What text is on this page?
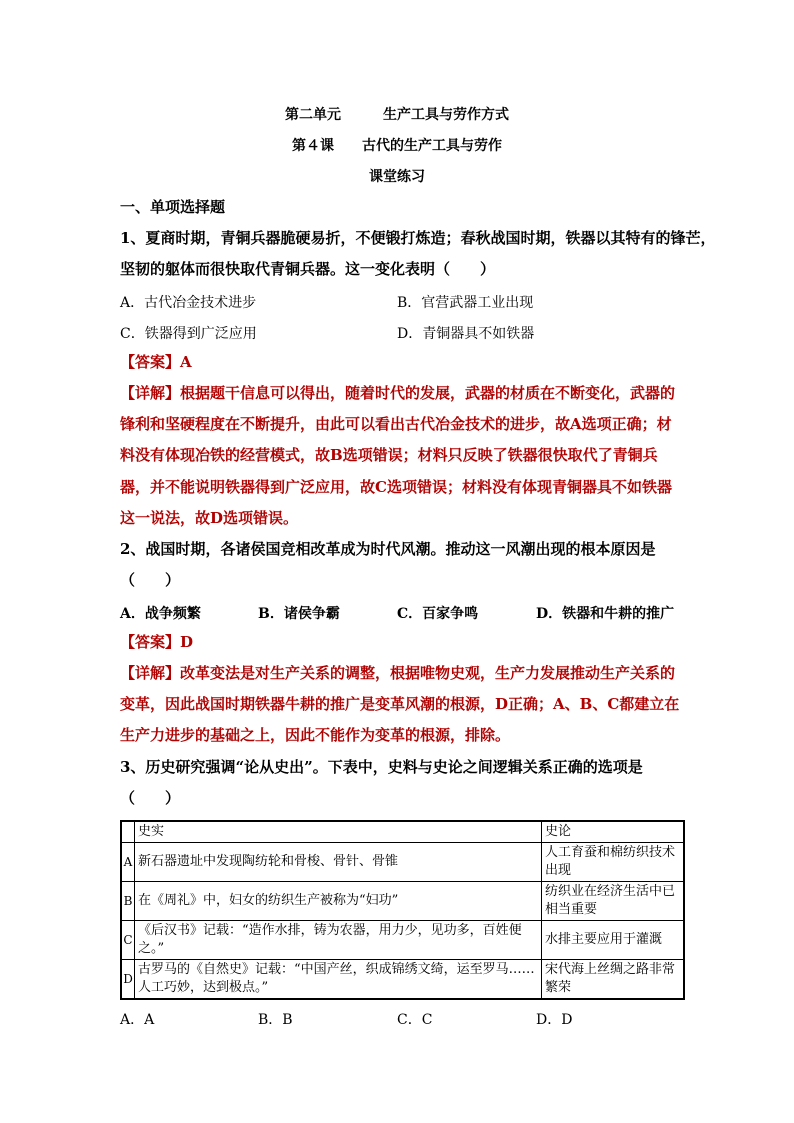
第二单元　　　生产工具与劳作方式
第４课　　古代的生产工具与劳作
课堂练习
一、单项选择题
1、夏商时期，青铜兵器脆硬易折，不便锻打炼造；春秋战国时期，铁器以其特有的锋芒，
坚韧的躯体而很快取代青铜兵器。这一变化表明（　　）
A．古代冶金技术进步	B．官营武器工业出现
C．铁器得到广泛应用	D．青铜器具不如铁器
【答案】A
【详解】根据题干信息可以得出，随着时代的发展，武器的材质在不断变化，武器的锋利和坚硬程度在不断提升，由此可以看出古代冶金技术的进步，故A选项正确；材料没有体现冶铁的经营模式，故B选项错误；材料只反映了铁器很快取代了青铜兵器，并不能说明铁器得到广泛应用，故C选项错误；材料没有体现青铜器具不如铁器这一说法，故D选项错误。
2、战国时期，各诸侯国竞相改革成为时代风潮。推动这一风潮出现的根本原因是
（　　）
A．战争频繁	B．诸侯争霸	C．百家争鸣	D．铁器和牛耕的推广
【答案】D
【详解】改革变法是对生产关系的调整，根据唯物史观，生产力发展推动生产关系的变革，因此战国时期铁器牛耕的推广是变革风潮的根源，D正确；A、B、C都建立在生产力进步的基础之上，因此不能作为变革的根源，排除。
3、历史研究强调“论从史出”。下表中，史料与史论之间逻辑关系正确的选项是
（　　）
	史实	史论
A	新石器遗址中发现陶纺轮和骨梭、骨针、骨锥	人工育蚕和棉纺织技术出现
B	在《周礼》中，妇女的纺织生产被称为“妇功”	纺织业在经济生活中已相当重要
C	《后汉书》记载：“造作水排，铸为农器，用力少，见功多，百姓便之。”	水排主要应用于灌溉
D	古罗马的《自然史》记载：“中国产丝，织成锦绣文绮，运至罗马……人工巧妙，达到极点。”	宋代海上丝绸之路非常繁荣
A．A	B．B	C．C	D．D
